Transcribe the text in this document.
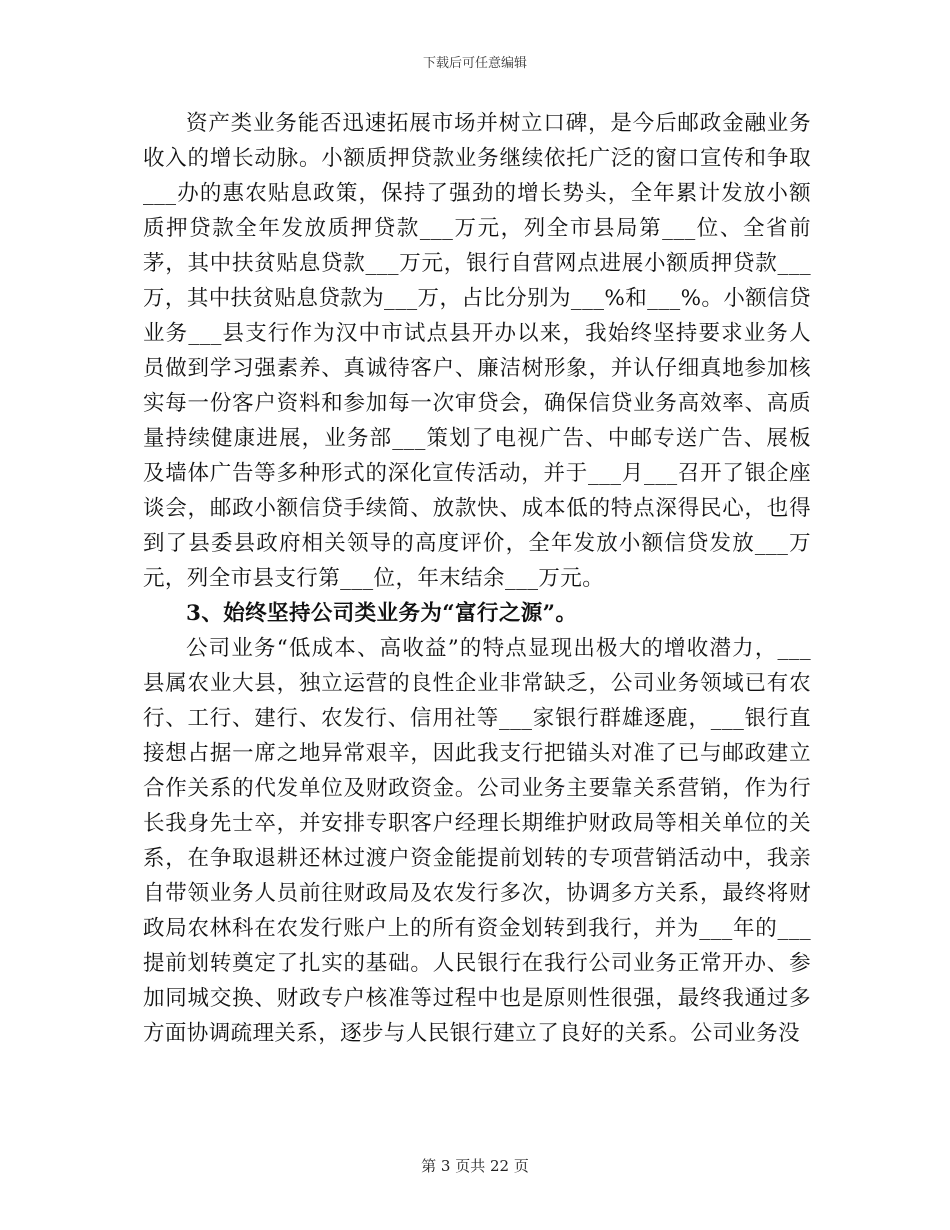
下载后可任意编辑

资产类业务能否迅速拓展市场并树立口碑，是今后邮政金融业务收入的增长动脉。小额质押贷款业务继续依托广泛的窗口宣传和争取___办的惠农贴息政策，保持了强劲的增长势头，全年累计发放小额质押贷款全年发放质押贷款___万元，列全市县局第___位、全省前茅，其中扶贫贴息贷款___万元，银行自营网点进展小额质押贷款___万，其中扶贫贴息贷款为___万，占比分别为___%和___%。小额信贷业务___县支行作为汉中市试点县开办以来，我始终坚持要求业务人员做到学习强素养、真诚待客户、廉洁树形象，并认仔细真地参加核实每一份客户资料和参加每一次审贷会，确保信贷业务高效率、高质量持续健康进展，业务部___策划了电视广告、中邮专送广告、展板及墙体广告等多种形式的深化宣传活动，并于___月___召开了银企座谈会，邮政小额信贷手续简、放款快、成本低的特点深得民心，也得到了县委县政府相关领导的高度评价，全年发放小额信贷发放___万元，列全市县支行第___位，年末结余___万元。

3、始终坚持公司类业务为“富行之源”。

公司业务“低成本、高收益”的特点显现出极大的增收潜力，___县属农业大县，独立运营的良性企业非常缺乏，公司业务领域已有农行、工行、建行、农发行、信用社等___家银行群雄逐鹿，___银行直接想占据一席之地异常艰辛，因此我支行把锚头对准了已与邮政建立合作关系的代发单位及财政资金。公司业务主要靠关系营销，作为行长我身先士卒，并安排专职客户经理长期维护财政局等相关单位的关系，在争取退耕还林过渡户资金能提前划转的专项营销活动中，我亲自带领业务人员前往财政局及农发行多次，协调多方关系，最终将财政局农林科在农发行账户上的所有资金划转到我行，并为___年的___提前划转奠定了扎实的基础。人民银行在我行公司业务正常开办、参加同城交换、财政专户核准等过程中也是原则性很强，最终我通过多方面协调疏理关系，逐步与人民银行建立了良好的关系。公司业务没

第 3 页共 22 页
